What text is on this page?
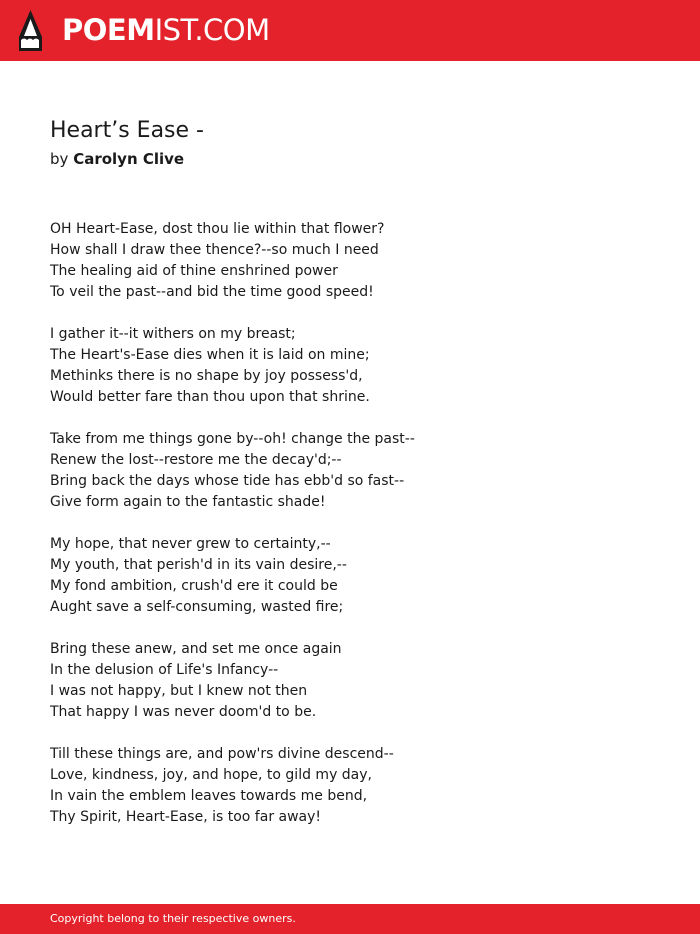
POEMIST.COM
Heart’s Ease -
by Carolyn Clive
OH Heart-Ease, dost thou lie within that flower?
How shall I draw thee thence?--so much I need
The healing aid of thine enshrined power
To veil the past--and bid the time good speed!
I gather it--it withers on my breast;
The Heart's-Ease dies when it is laid on mine;
Methinks there is no shape by joy possess'd,
Would better fare than thou upon that shrine.
Take from me things gone by--oh! change the past--
Renew the lost--restore me the decay'd;--
Bring back the days whose tide has ebb'd so fast--
Give form again to the fantastic shade!
My hope, that never grew to certainty,--
My youth, that perish'd in its vain desire,--
My fond ambition, crush'd ere it could be
Aught save a self-consuming, wasted fire;
Bring these anew, and set me once again
In the delusion of Life's Infancy--
I was not happy, but I knew not then
That happy I was never doom'd to be.
Till these things are, and pow'rs divine descend--
Love, kindness, joy, and hope, to gild my day,
In vain the emblem leaves towards me bend,
Thy Spirit, Heart-Ease, is too far away!
Copyright belong to their respective owners.
